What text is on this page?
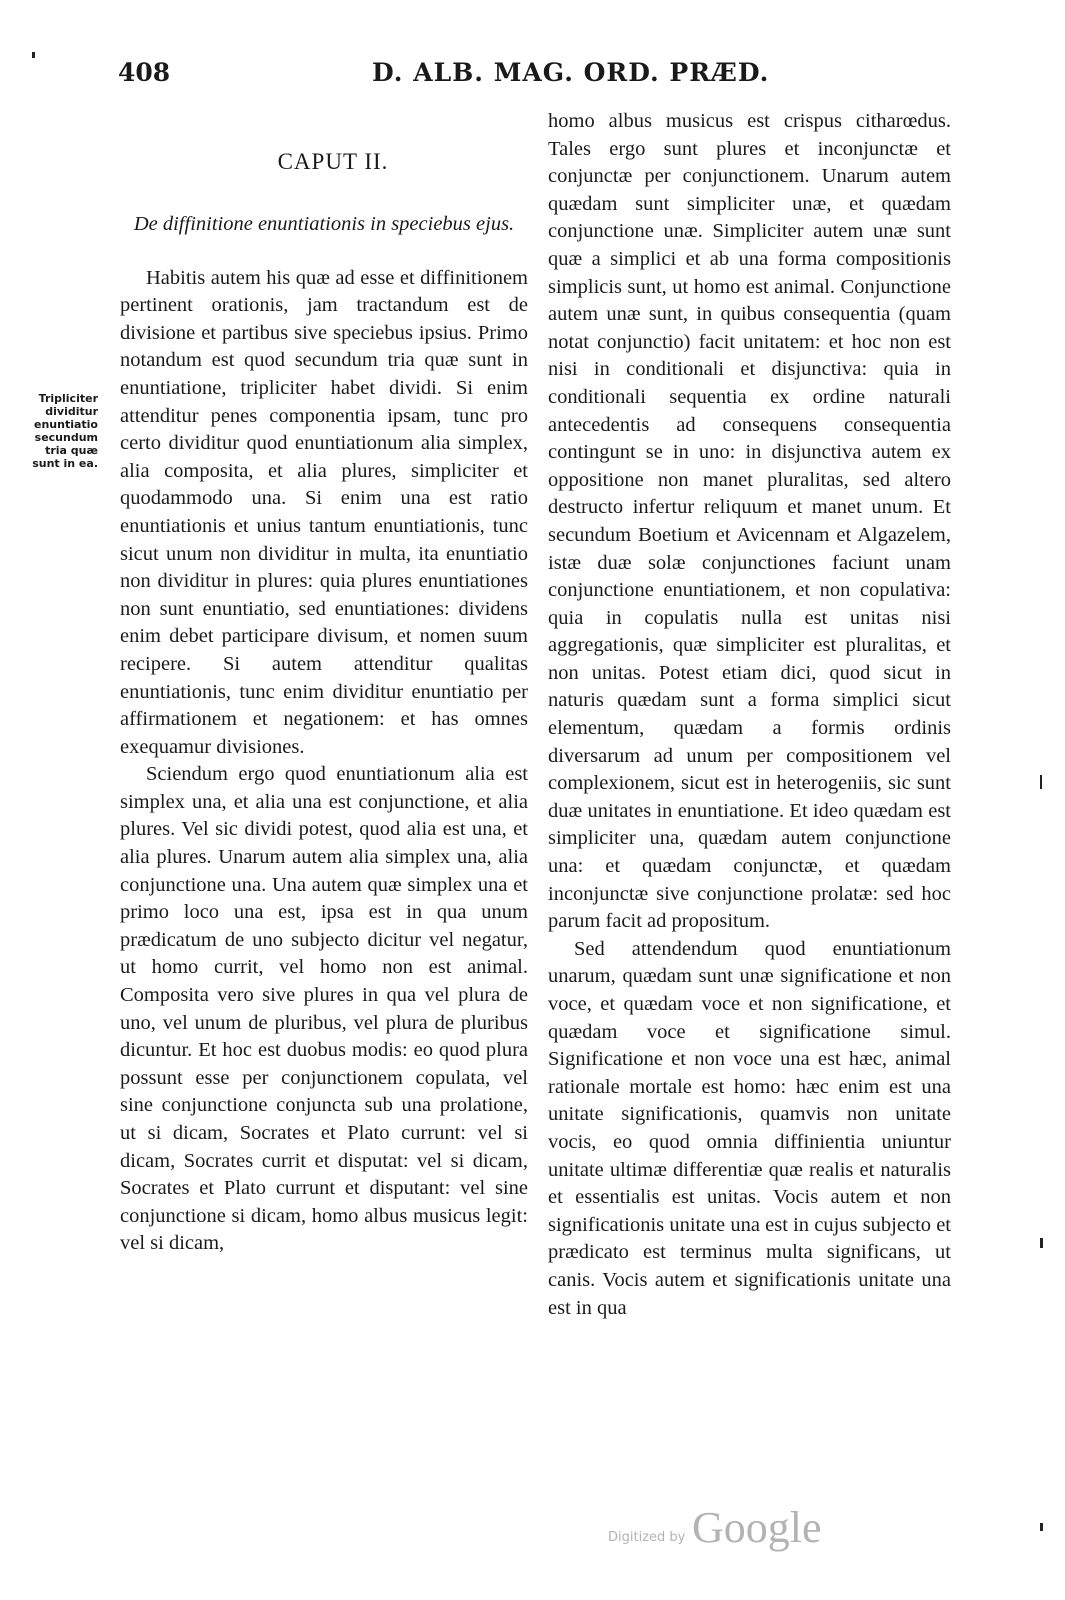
408	D. ALB. MAG. ORD. PRÆD.
Tripliciter dividitur enuntiatio secundum tria quæ sunt in ea.
CAPUT II.
De diffinitione enuntiationis in speciebus ejus.

Habitis autem his quæ ad esse et diffinitionem pertinent orationis, jam tractandum est de divisione et partibus sive speciebus ipsius. Primo notandum est quod secundum tria quæ sunt in enuntiatione, tripliciter habet dividi. Si enim attenditur penes componentia ipsam, tunc pro certo dividitur quod enuntiationum alia simplex, alia composita, et alia plures, simpliciter et quodammodo una. Si enim una est ratio enuntiationis et unius tantum enuntiationis, tunc sicut unum non dividitur in multa, ita enuntiatio non dividitur in plures: quia plures enuntiationes non sunt enuntiatio, sed enuntiationes: dividens enim debet participare divisum, et nomen suum recipere. Si autem attenditur qualitas enuntiationis, tunc enim dividitur enuntiatio per affirmationem et negationem: et has omnes exequamur divisiones.

Sciendum ergo quod enuntiationum alia est simplex una, et alia una est conjunctione, et alia plures. Vel sic dividi potest, quod alia est una, et alia plures. Unarum autem alia simplex una, alia conjunctione una. Una autem quæ simplex una et primo loco una est, ipsa est in qua unum prædicatum de uno subjecto dicitur vel negatur, ut homo currit, vel homo non est animal. Composita vero sive plures in qua vel plura de uno, vel unum de pluribus, vel plura de pluribus dicuntur. Et hoc est duobus modis: eo quod plura possunt esse per conjunctionem copulata, vel sine conjunctione conjuncta sub una prolatione, ut si dicam, Socrates et Plato currunt: vel si dicam, Socrates currit et disputat: vel si dicam, Socrates et Plato currunt et disputant: vel sine conjunctione si dicam, homo albus musicus legit: vel si dicam,

homo albus musicus est crispus citharœdus. Tales ergo sunt plures et inconjunctæ et conjunctæ per conjunctionem. Unarum autem quædam sunt simpliciter unæ, et quædam conjunctione unæ. Simpliciter autem unæ sunt quæ a simplici et ab una forma compositionis simplicis sunt, ut homo est animal. Conjunctione autem unæ sunt, in quibus consequentia (quam notat conjunctio) facit unitatem: et hoc non est nisi in conditionali et disjunctiva: quia in conditionali sequentia ex ordine naturali antecedentis ad consequens consequentia contingunt se in uno: in disjunctiva autem ex oppositione non manet pluralitas, sed altero destructo infertur reliquum et manet unum. Et secundum Boetium et Avicennam et Algazelem, istæ duæ solæ conjunctiones faciunt unam conjunctione enuntiationem, et non copulativa: quia in copulatis nulla est unitas nisi aggregationis, quæ simpliciter est pluralitas, et non unitas. Potest etiam dici, quod sicut in naturis quædam sunt a forma simplici sicut elementum, quædam a formis ordinis diversarum ad unum per compositionem vel complexionem, sicut est in heterogeniis, sic sunt duæ unitates in enuntiatione. Et ideo quædam est simpliciter una, quædam autem conjunctione una: et quædam conjunctæ, et quædam inconjunctæ sive conjunctione prolatæ: sed hoc parum facit ad propositum.

Sed attendendum quod enuntiationum unarum, quædam sunt unæ significatione et non voce, et quædam voce et non significatione, et quædam voce et significatione simul. Significatione et non voce una est hæc, animal rationale mortale est homo: hæc enim est una unitate significationis, quamvis non unitate vocis, eo quod omnia diffinientia uniuntur unitate ultimæ differentiæ quæ realis et naturalis et essentialis est unitas. Vocis autem et non significationis unitate una est in cujus subjecto et prædicato est terminus multa significans, ut canis. Vocis autem et significationis unitate una est in qua

Digitized by Google
